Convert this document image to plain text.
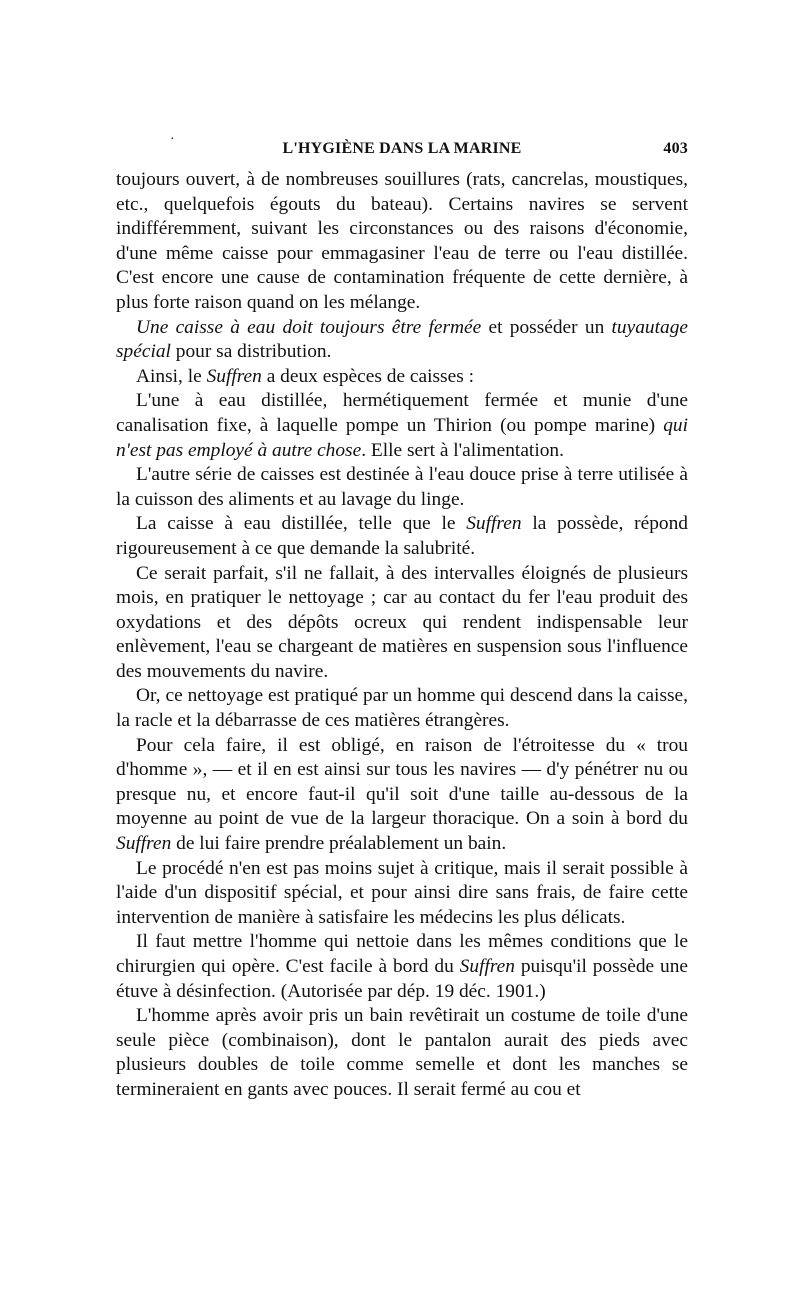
·
L'HYGIÈNE DANS LA MARINE	403

toujours ouvert, à de nombreuses souillures (rats, cancrelas, moustiques, etc., quelquefois égouts du bateau). Certains navires se servent indifféremment, suivant les circonstances ou des raisons d'économie, d'une même caisse pour emmagasiner l'eau de terre ou l'eau distillée. C'est encore une cause de contamination fréquente de cette dernière, à plus forte raison quand on les mélange.

Une caisse à eau doit toujours être fermée et posséder un tuyautage spécial pour sa distribution.

Ainsi, le Suffren a deux espèces de caisses :

L'une à eau distillée, hermétiquement fermée et munie d'une canalisation fixe, à laquelle pompe un Thirion (ou pompe marine) qui n'est pas employé à autre chose. Elle sert à l'alimentation.

L'autre série de caisses est destinée à l'eau douce prise à terre utilisée à la cuisson des aliments et au lavage du linge.

La caisse à eau distillée, telle que le Suffren la possède, répond rigoureusement à ce que demande la salubrité.

Ce serait parfait, s'il ne fallait, à des intervalles éloignés de plusieurs mois, en pratiquer le nettoyage ; car au contact du fer l'eau produit des oxydations et des dépôts ocreux qui rendent indispensable leur enlèvement, l'eau se chargeant de matières en suspension sous l'influence des mouvements du navire.

Or, ce nettoyage est pratiqué par un homme qui descend dans la caisse, la racle et la débarrasse de ces matières étrangères.

Pour cela faire, il est obligé, en raison de l'étroitesse du « trou d'homme », — et il en est ainsi sur tous les navires — d'y pénétrer nu ou presque nu, et encore faut-il qu'il soit d'une taille au-dessous de la moyenne au point de vue de la largeur thoracique. On a soin à bord du Suffren de lui faire prendre préalablement un bain.

Le procédé n'en est pas moins sujet à critique, mais il serait possible à l'aide d'un dispositif spécial, et pour ainsi dire sans frais, de faire cette intervention de manière à satisfaire les médecins les plus délicats.

Il faut mettre l'homme qui nettoie dans les mêmes conditions que le chirurgien qui opère. C'est facile à bord du Suffren puisqu'il possède une étuve à désinfection. (Autorisée par dép. 19 déc. 1901.)

L'homme après avoir pris un bain revêtirait un costume de toile d'une seule pièce (combinaison), dont le pantalon aurait des pieds avec plusieurs doubles de toile comme semelle et dont les manches se termineraient en gants avec pouces. Il serait fermé au cou et
